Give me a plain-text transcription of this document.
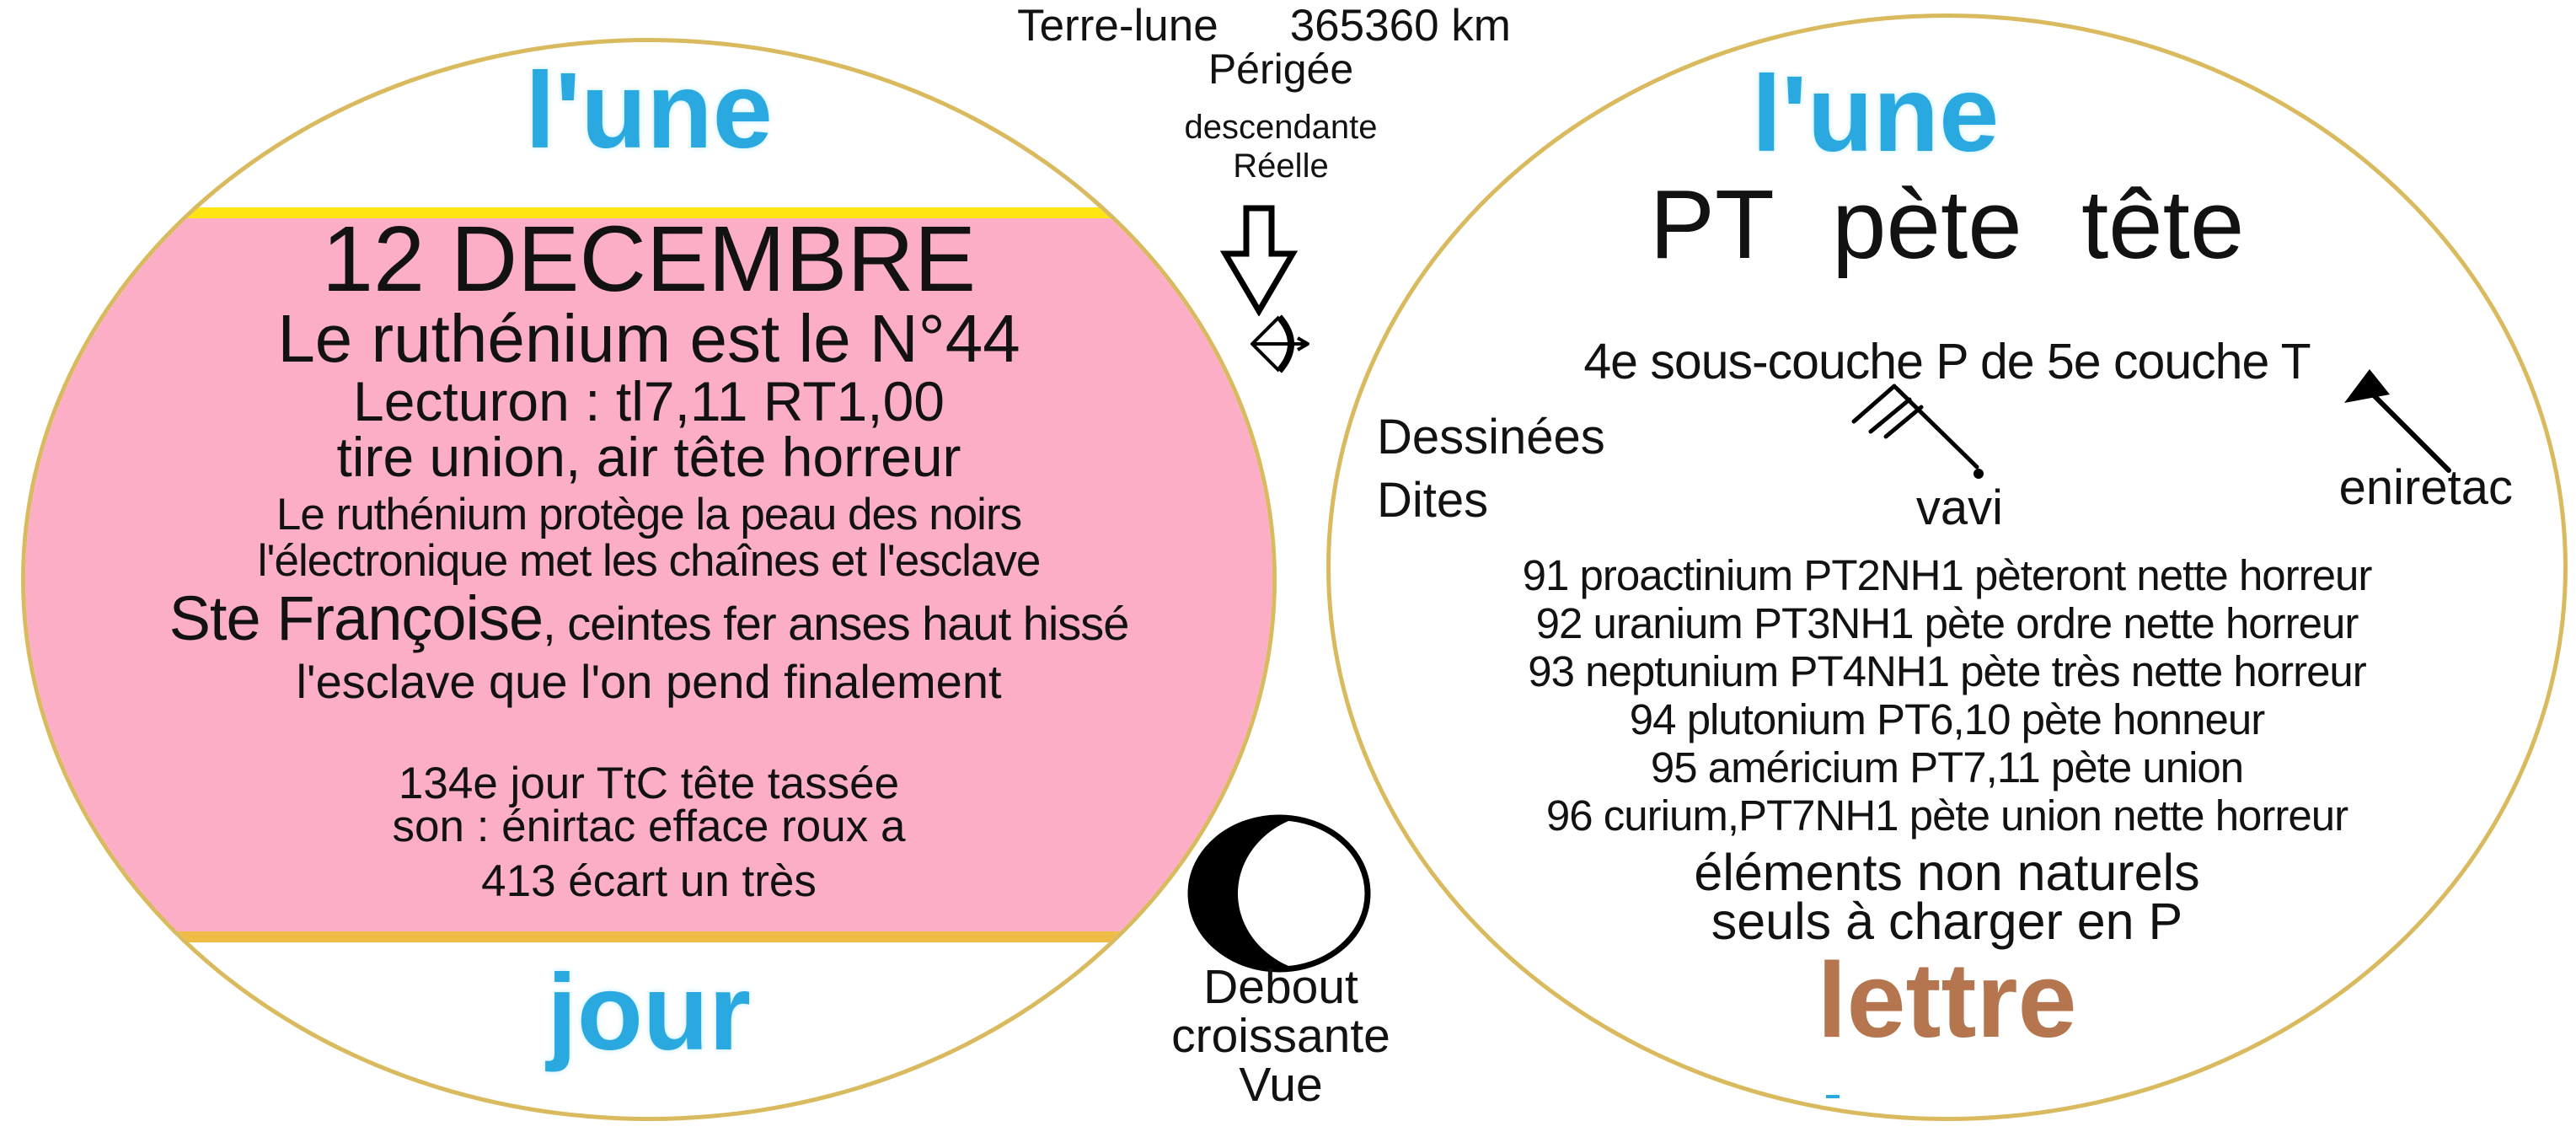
l'une
12 DECEMBRE
Le ruthénium est le N°44
Lecturon : tl7,11 RT1,00
tire union, air tête horreur
Le ruthénium protège la peau des noirs
l'électronique met les chaînes et l'esclave
Ste Françoise, ceintes fer anses haut hissé
l'esclave que l'on pend finalement
134e jour TtC tête tassée
son : énirtac efface roux a
413 écart un très
jour
l'une
PT pète tête
4e sous-couche P de 5e couche T
Dessinées
Dites	vavi	eniretac
91 proactinium PT2NH1 pèteront nette horreur
92 uranium PT3NH1 pète ordre nette horreur
93 neptunium PT4NH1 pète très nette horreur
94 plutonium PT6,10 pète honneur
95 américium PT7,11 pète union
96 curium,PT7NH1 pète union nette horreur
éléments non naturels
seuls à charger en P
lettre
Terre-lune 365360 km
Périgée
descendante
Réelle
Debout
croissante
Vue
